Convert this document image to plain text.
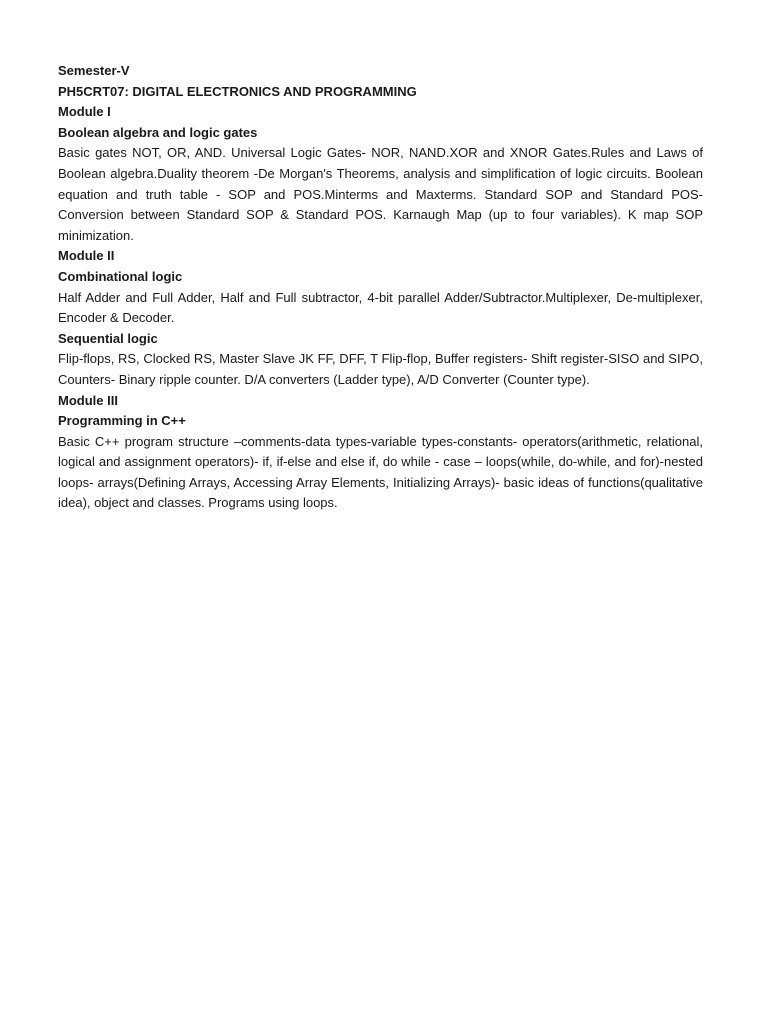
Semester-V

PH5CRT07: DIGITAL ELECTRONICS AND PROGRAMMING

Module I

Boolean algebra and logic gates

Basic gates NOT, OR, AND. Universal Logic Gates- NOR, NAND.XOR and XNOR Gates.Rules and Laws of Boolean algebra.Duality theorem -De Morgan's Theorems, analysis and simplification of logic circuits. Boolean equation and truth table - SOP and POS.Minterms and Maxterms. Standard SOP and Standard POS- Conversion between Standard SOP & Standard POS. Karnaugh Map (up to four variables). K map SOP minimization.

Module II

Combinational logic

Half Adder and Full Adder, Half and Full subtractor, 4-bit parallel Adder/Subtractor.Multiplexer, De-multiplexer, Encoder & Decoder.

Sequential logic

Flip-flops, RS, Clocked RS, Master Slave JK FF, DFF, T Flip-flop, Buffer registers- Shift register-SISO and SIPO, Counters- Binary ripple counter. D/A converters (Ladder type), A/D Converter (Counter type).

Module III

Programming in C++

Basic C++ program structure –comments-data types-variable types-constants- operators(arithmetic, relational, logical and assignment operators)- if, if-else and else if, do while - case – loops(while, do-while, and for)-nested loops- arrays(Defining Arrays, Accessing Array Elements, Initializing Arrays)- basic ideas of functions(qualitative idea), object and classes. Programs using loops.
